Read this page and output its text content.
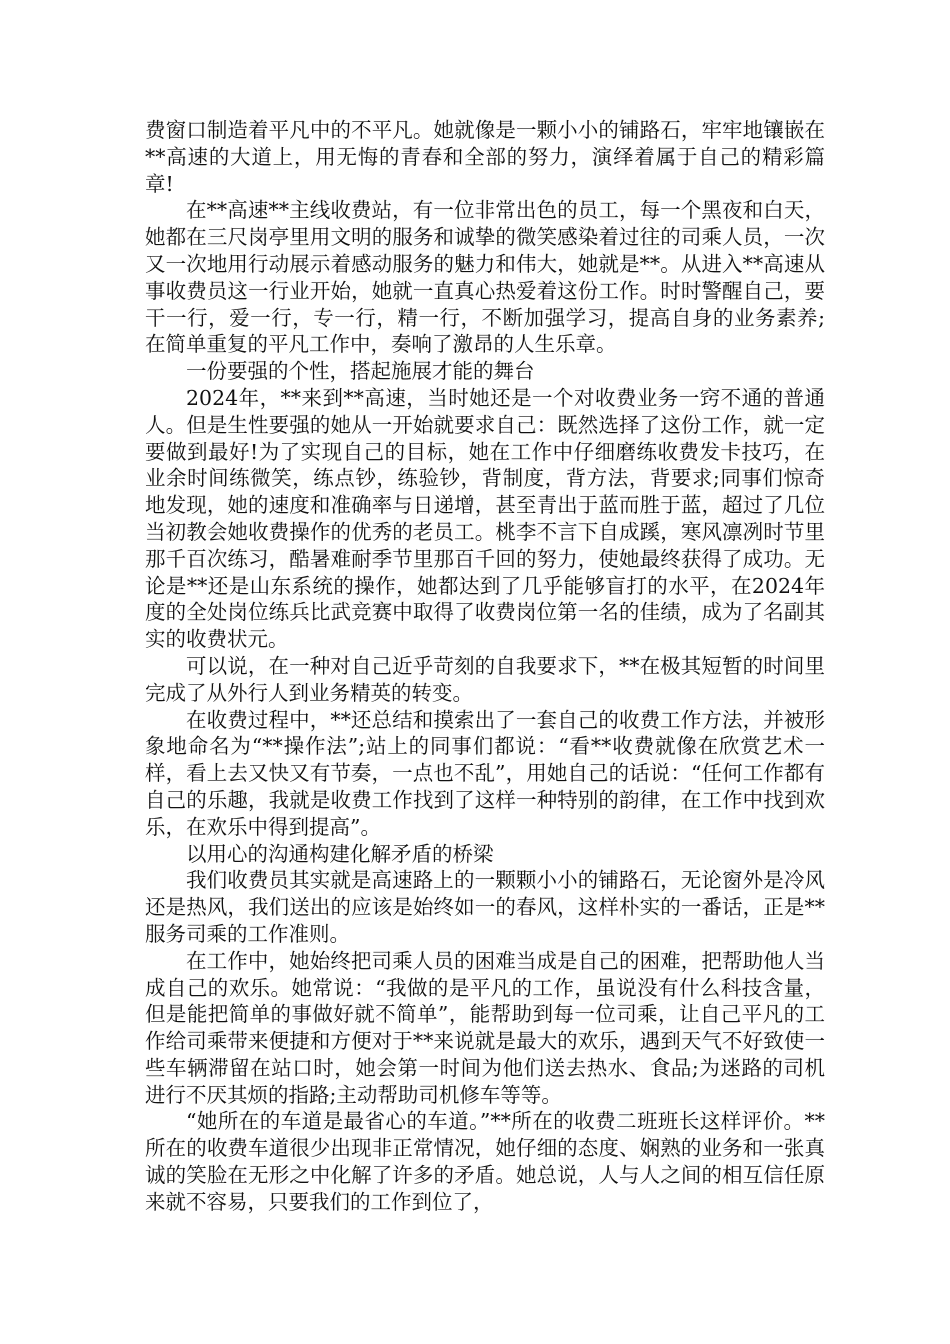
费窗口制造着平凡中的不平凡。她就像是一颗小小的铺路石，牢牢地镶嵌在**高速的大道上，用无悔的青春和全部的努力，演绎着属于自己的精彩篇章!

在**高速**主线收费站，有一位非常出色的员工，每一个黑夜和白天，她都在三尺岗亭里用文明的服务和诚挚的微笑感染着过往的司乘人员，一次又一次地用行动展示着感动服务的魅力和伟大，她就是**。从进入**高速从事收费员这一行业开始，她就一直真心热爱着这份工作。时时警醒自己，要干一行，爱一行，专一行，精一行，不断加强学习，提高自身的业务素养;在简单重复的平凡工作中，奏响了激昂的人生乐章。

一份要强的个性，搭起施展才能的舞台

2024年，**来到**高速，当时她还是一个对收费业务一窍不通的普通人。但是生性要强的她从一开始就要求自己：既然选择了这份工作，就一定要做到最好!为了实现自己的目标，她在工作中仔细磨练收费发卡技巧，在业余时间练微笑，练点钞，练验钞，背制度，背方法，背要求;同事们惊奇地发现，她的速度和准确率与日递增，甚至青出于蓝而胜于蓝，超过了几位当初教会她收费操作的优秀的老员工。桃李不言下自成蹊，寒风凛冽时节里那千百次练习，酷暑难耐季节里那百千回的努力，使她最终获得了成功。无论是**还是山东系统的操作，她都达到了几乎能够盲打的水平，在2024年度的全处岗位练兵比武竞赛中取得了收费岗位第一名的佳绩，成为了名副其实的收费状元。

可以说，在一种对自己近乎苛刻的自我要求下，**在极其短暂的时间里完成了从外行人到业务精英的转变。

在收费过程中，**还总结和摸索出了一套自己的收费工作方法，并被形象地命名为“**操作法”;站上的同事们都说：“看**收费就像在欣赏艺术一样，看上去又快又有节奏，一点也不乱”，用她自己的话说：“任何工作都有自己的乐趣，我就是收费工作找到了这样一种特别的韵律，在工作中找到欢乐，在欢乐中得到提高”。

以用心的沟通构建化解矛盾的桥梁

我们收费员其实就是高速路上的一颗颗小小的铺路石，无论窗外是冷风还是热风，我们送出的应该是始终如一的春风，这样朴实的一番话，正是**服务司乘的工作准则。

在工作中，她始终把司乘人员的困难当成是自己的困难，把帮助他人当成自己的欢乐。她常说：“我做的是平凡的工作，虽说没有什么科技含量，但是能把简单的事做好就不简单”，能帮助到每一位司乘，让自己平凡的工作给司乘带来便捷和方便对于**来说就是最大的欢乐，遇到天气不好致使一些车辆滞留在站口时，她会第一时间为他们送去热水、食品;为迷路的司机进行不厌其烦的指路;主动帮助司机修车等等。

“她所在的车道是最省心的车道。”**所在的收费二班班长这样评价。**所在的收费车道很少出现非正常情况，她仔细的态度、娴熟的业务和一张真诚的笑脸在无形之中化解了许多的矛盾。她总说，人与人之间的相互信任原来就不容易，只要我们的工作到位了，
